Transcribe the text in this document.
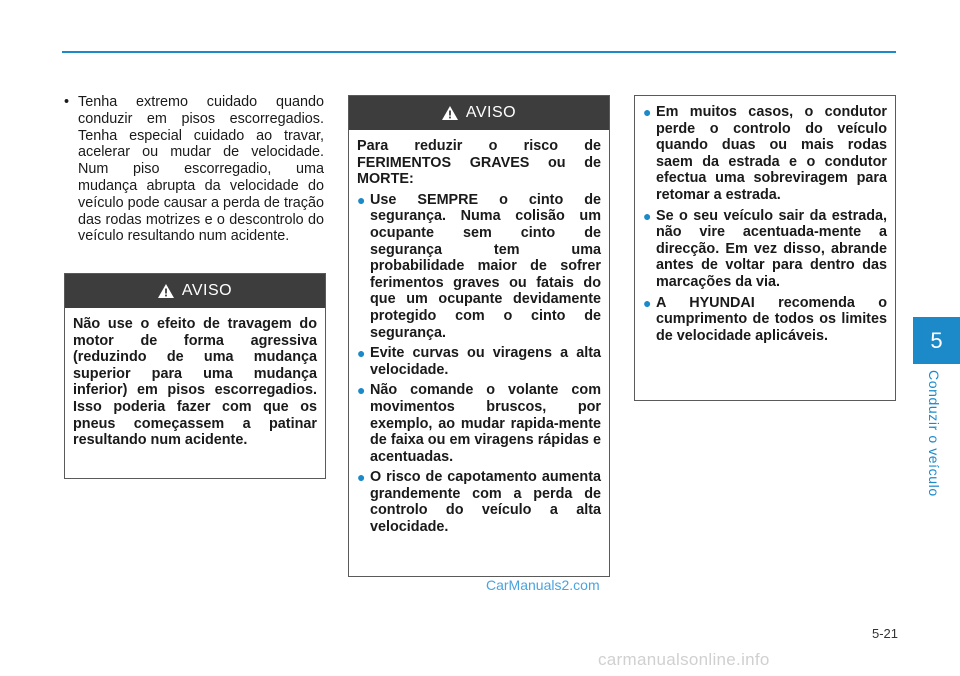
• Tenha extremo cuidado quando conduzir em pisos escorregadios. Tenha especial cuidado ao travar, acelerar ou mudar de velocidade. Num piso escorregadio, uma mudança abrupta da velocidade do veículo pode causar a perda de tração das rodas motrizes e o descontrolo do veículo resultando num acidente.
AVISO

Não use o efeito de travagem do motor de forma agressiva (reduzindo de uma mudança superior para uma mudança inferior) em pisos escorregadios. Isso poderia fazer com que os pneus começassem a patinar resultando num acidente.

AVISO

Para reduzir o risco de FERIMENTOS GRAVES ou de MORTE:

● Use SEMPRE o cinto de segurança. Numa colisão um ocupante sem cinto de segurança tem uma probabilidade maior de sofrer ferimentos graves ou fatais do que um ocupante devidamente protegido com o cinto de segurança.
● Evite curvas ou viragens a alta velocidade.
● Não comande o volante com movimentos bruscos, por exemplo, ao mudar rapida-mente de faixa ou em viragens rápidas e acentuadas.
● O risco de capotamento aumenta grandemente com a perda de controlo do veículo a alta velocidade.
● Em muitos casos, o condutor perde o controlo do veículo quando duas ou mais rodas saem da estrada e o condutor efectua uma sobreviragem para retomar a estrada.
● Se o seu veículo sair da estrada, não vire acentuada-mente a direcção. Em vez disso, abrande antes de voltar para dentro das marcações da via.
● A HYUNDAI recomenda o cumprimento de todos os limites de velocidade aplicáveis.	5
Conduzir o veículo
CarManuals2.com
5-21
carmanualsonline.info
